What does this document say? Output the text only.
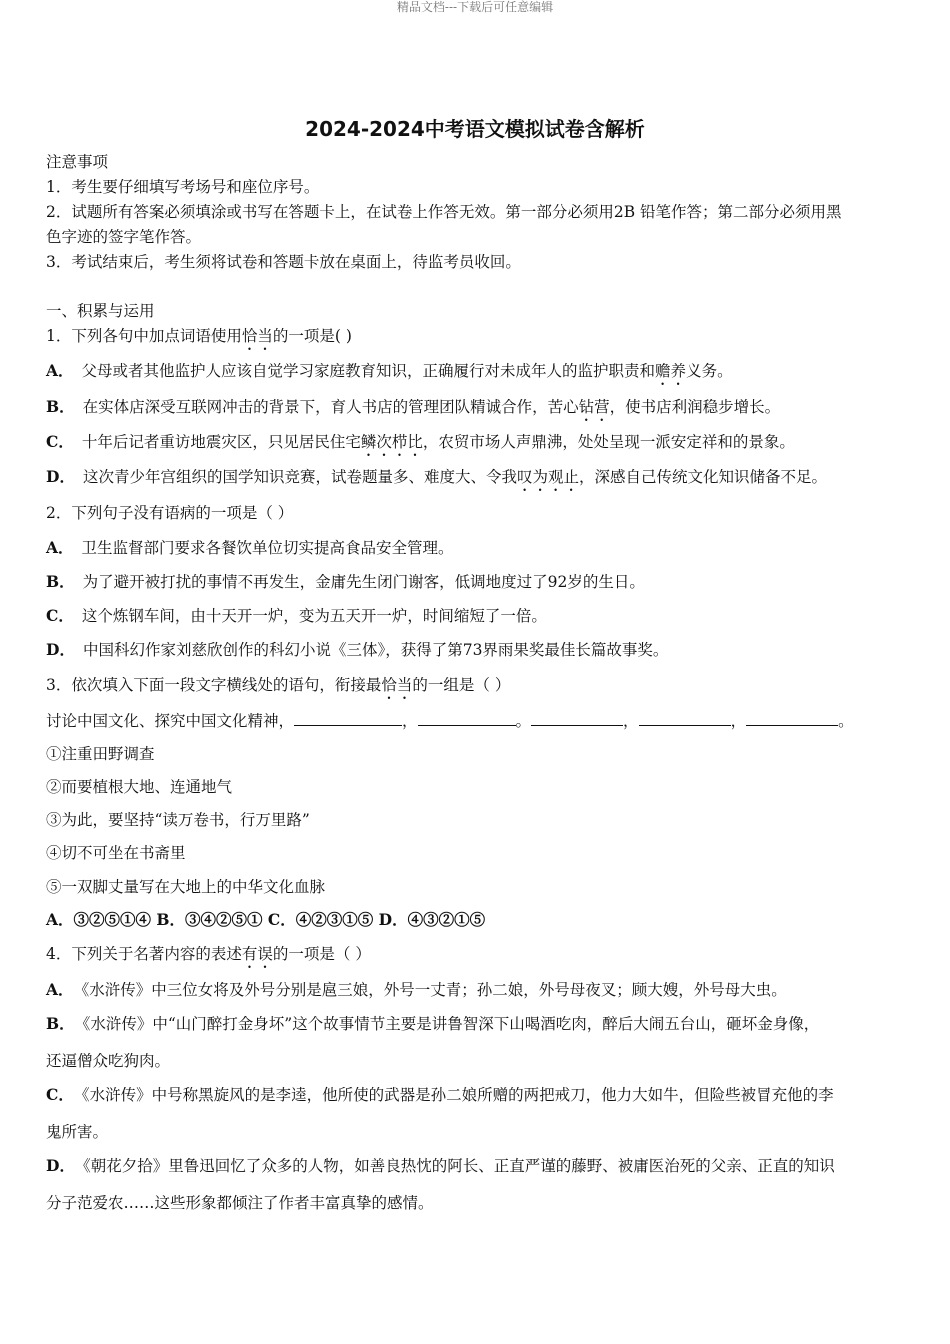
精品文档---下载后可任意编辑
2024-2024中考语文模拟试卷含解析
注意事项
1．考生要仔细填写考场号和座位序号。
2．试题所有答案必须填涂或书写在答题卡上，在试卷上作答无效。第一部分必须用2B 铅笔作答；第二部分必须用黑
色字迹的签字笔作答。
3．考试结束后，考生须将试卷和答题卡放在桌面上，待监考员收回。
一、积累与运用
1．下列各句中加点词语使用恰当的一项是( )
A． 父母或者其他监护人应该自觉学习家庭教育知识，正确履行对未成年人的监护职责和赡养义务。
B． 在实体店深受互联网冲击的背景下，育人书店的管理团队精诚合作，苦心钻营，使书店利润稳步增长。
C． 十年后记者重访地震灾区，只见居民住宅鳞次栉比，农贸市场人声鼎沸，处处呈现一派安定祥和的景象。
D． 这次青少年宫组织的国学知识竞赛，试卷题量多、难度大、令我叹为观止，深感自己传统文化知识储备不足。
2．下列句子没有语病的一项是（ ）
A． 卫生监督部门要求各餐饮单位切实提高食品安全管理。
B． 为了避开被打扰的事情不再发生，金庸先生闭门谢客，低调地度过了92岁的生日。
C． 这个炼钢车间，由十天开一炉，变为五天开一炉，时间缩短了一倍。
D． 中国科幻作家刘慈欣创作的科幻小说《三体》，获得了第73界雨果奖最佳长篇故事奖。
3．依次填入下面一段文字横线处的语句，衔接最恰当的一组是（ ）
讨论中国文化、探究中国文化精神，	，	。	，	，	。
①注重田野调查
②而要植根大地、连通地气
③为此，要坚持“读万卷书，行万里路”
④切不可坐在书斋里
⑤一双脚丈量写在大地上的中华文化血脉
A．③②⑤①④ B．③④②⑤① C．④②③①⑤ D．④③②①⑤
4．下列关于名著内容的表述有误的一项是（ ）
A． 《水浒传》中三位女将及外号分别是扈三娘，外号一丈青；孙二娘，外号母夜叉；顾大嫂，外号母大虫。
B． 《水浒传》中“山门醉打金身坏”这个故事情节主要是讲鲁智深下山喝酒吃肉，醉后大闹五台山，砸坏金身像，
还逼僧众吃狗肉。
C． 《水浒传》中号称黑旋风的是李逵，他所使的武器是孙二娘所赠的两把戒刀，他力大如牛，但险些被冒充他的李
鬼所害。
D． 《朝花夕拾》里鲁迅回忆了众多的人物，如善良热忱的阿长、正直严谨的藤野、被庸医治死的父亲、正直的知识
分子范爱农……这些形象都倾注了作者丰富真挚的感情。
